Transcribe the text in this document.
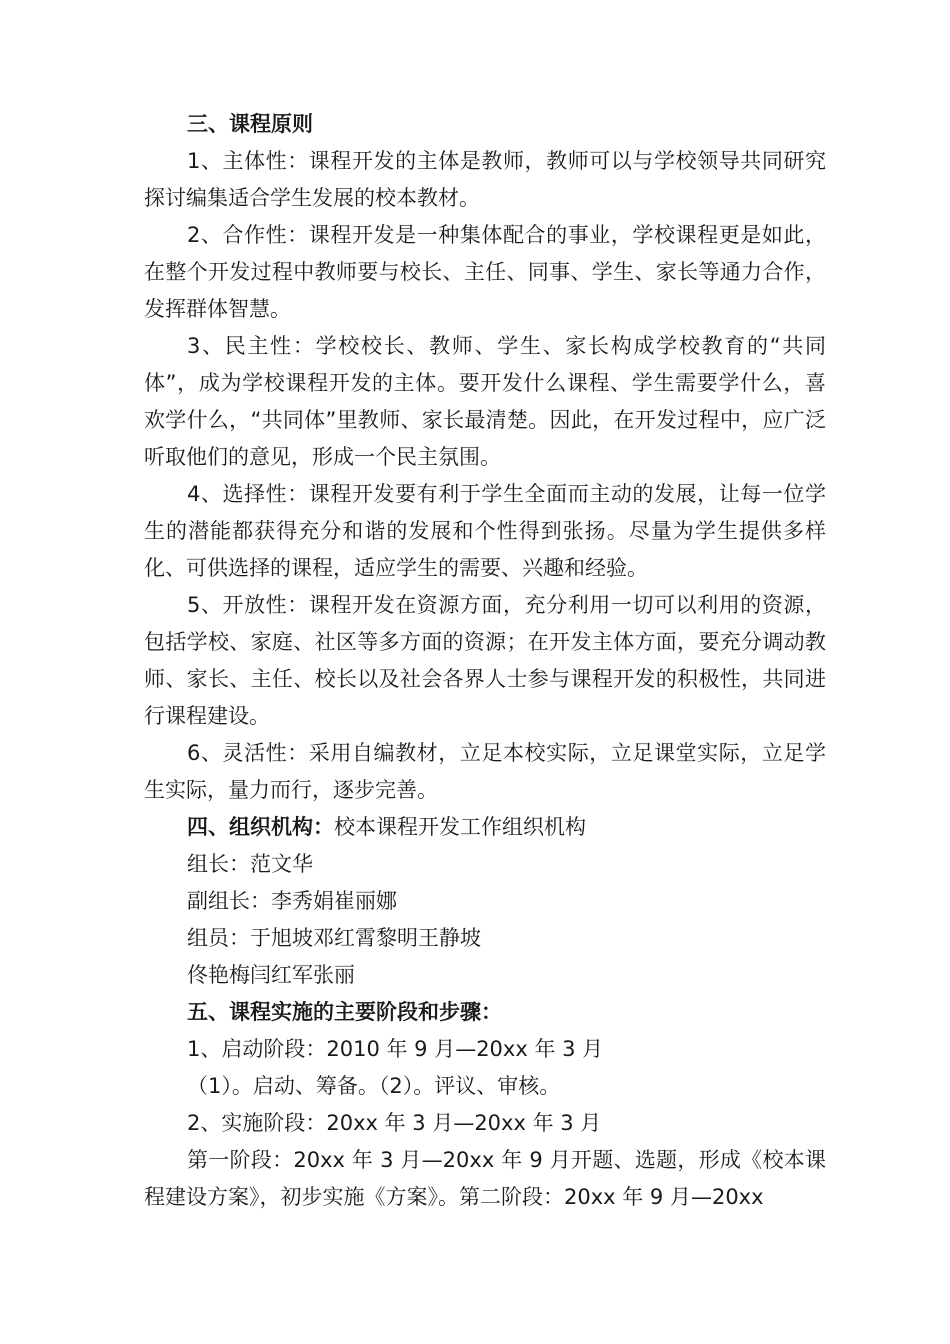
三、课程原则

1、主体性：课程开发的主体是教师，教师可以与学校领导共同研究探讨编集适合学生发展的校本教材。

2、合作性：课程开发是一种集体配合的事业，学校课程更是如此，在整个开发过程中教师要与校长、主任、同事、学生、家长等通力合作，发挥群体智慧。

3、民主性：学校校长、教师、学生、家长构成学校教育的“共同体”，成为学校课程开发的主体。要开发什么课程、学生需要学什么，喜欢学什么，“共同体”里教师、家长最清楚。因此，在开发过程中，应广泛听取他们的意见，形成一个民主氛围。

4、选择性：课程开发要有利于学生全面而主动的发展，让每一位学生的潜能都获得充分和谐的发展和个性得到张扬。尽量为学生提供多样化、可供选择的课程，适应学生的需要、兴趣和经验。

5、开放性：课程开发在资源方面，充分利用一切可以利用的资源，包括学校、家庭、社区等多方面的资源；在开发主体方面，要充分调动教师、家长、主任、校长以及社会各界人士参与课程开发的积极性，共同进行课程建设。

6、灵活性：采用自编教材，立足本校实际，立足课堂实际，立足学生实际，量力而行，逐步完善。

四、组织机构：校本课程开发工作组织机构

组长：范文华

副组长：李秀娟崔丽娜

组员：于旭坡邓红霄黎明王静坡

佟艳梅闫红军张丽

五、课程实施的主要阶段和步骤：

1、启动阶段：2010 年 9 月—20xx 年 3 月

（1）。启动、筹备。（2）。评议、审核。

2、实施阶段：20xx 年 3 月—20xx 年 3 月

第一阶段：20xx 年 3 月—20xx 年 9 月开题、选题，形成《校本课程建设方案》，初步实施《方案》。第二阶段：20xx 年 9 月—20xx
